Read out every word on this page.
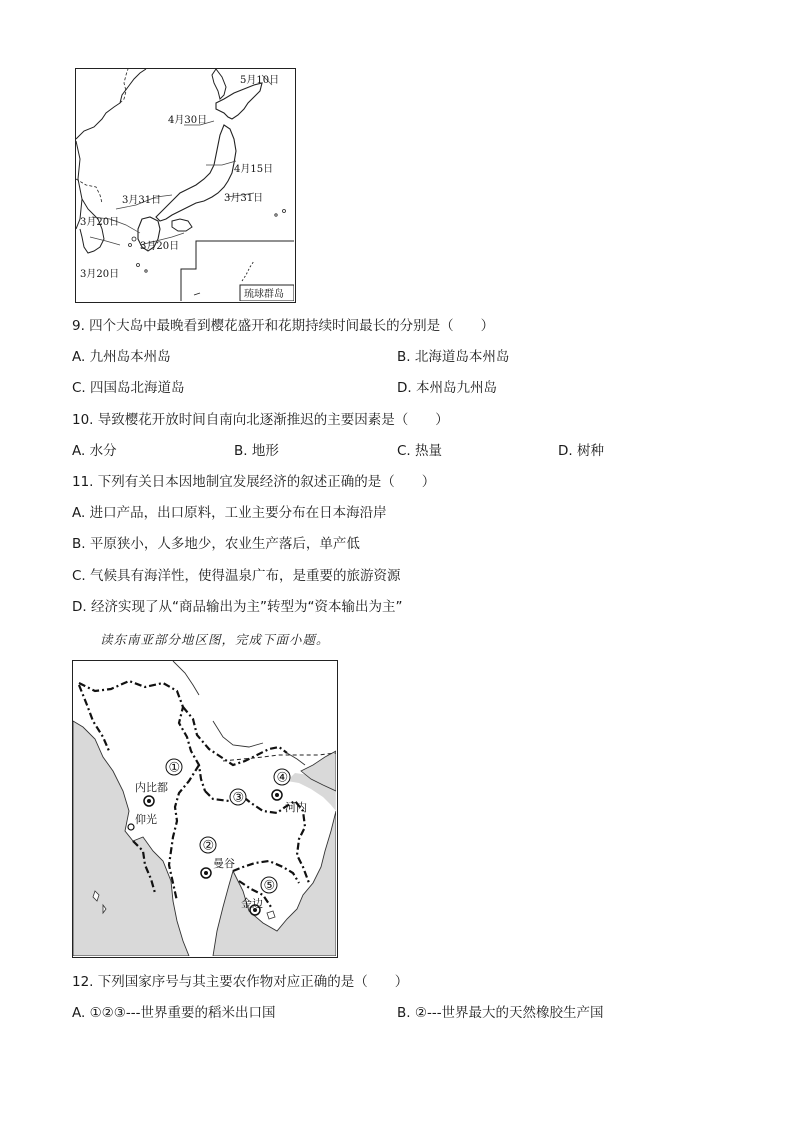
5月10日
4月30日
4月15日
3月31日	3月31日
3月20日
3月20日
3月20日
琉球群岛
9. 四个大岛中最晚看到樱花盛开和花期持续时间最长的分别是（　　）
A. 九州岛本州岛	B. 北海道岛本州岛
C. 四国岛北海道岛	D. 本州岛九州岛
10. 导致樱花开放时间自南向北逐渐推迟的主要因素是（　　）
A. 水分	B. 地形	C. 热量	D. 树种
11. 下列有关日本因地制宜发展经济的叙述正确的是（　　）
A. 进口产品，出口原料，工业主要分布在日本海沿岸
B. 平原狭小，人多地少，农业生产落后，单产低
C. 气候具有海洋性，使得温泉广布，是重要的旅游资源
D. 经济实现了从“商品输出为主”转型为“资本输出为主”
读东南亚部分地区图，完成下面小题。
①
②
③
④
⑤
内比都
仰光
曼谷
河内
金边
12. 下列国家序号与其主要农作物对应正确的是（　　）
A. ①②③---世界重要的稻米出口国	B. ②---世界最大的天然橡胶生产国
